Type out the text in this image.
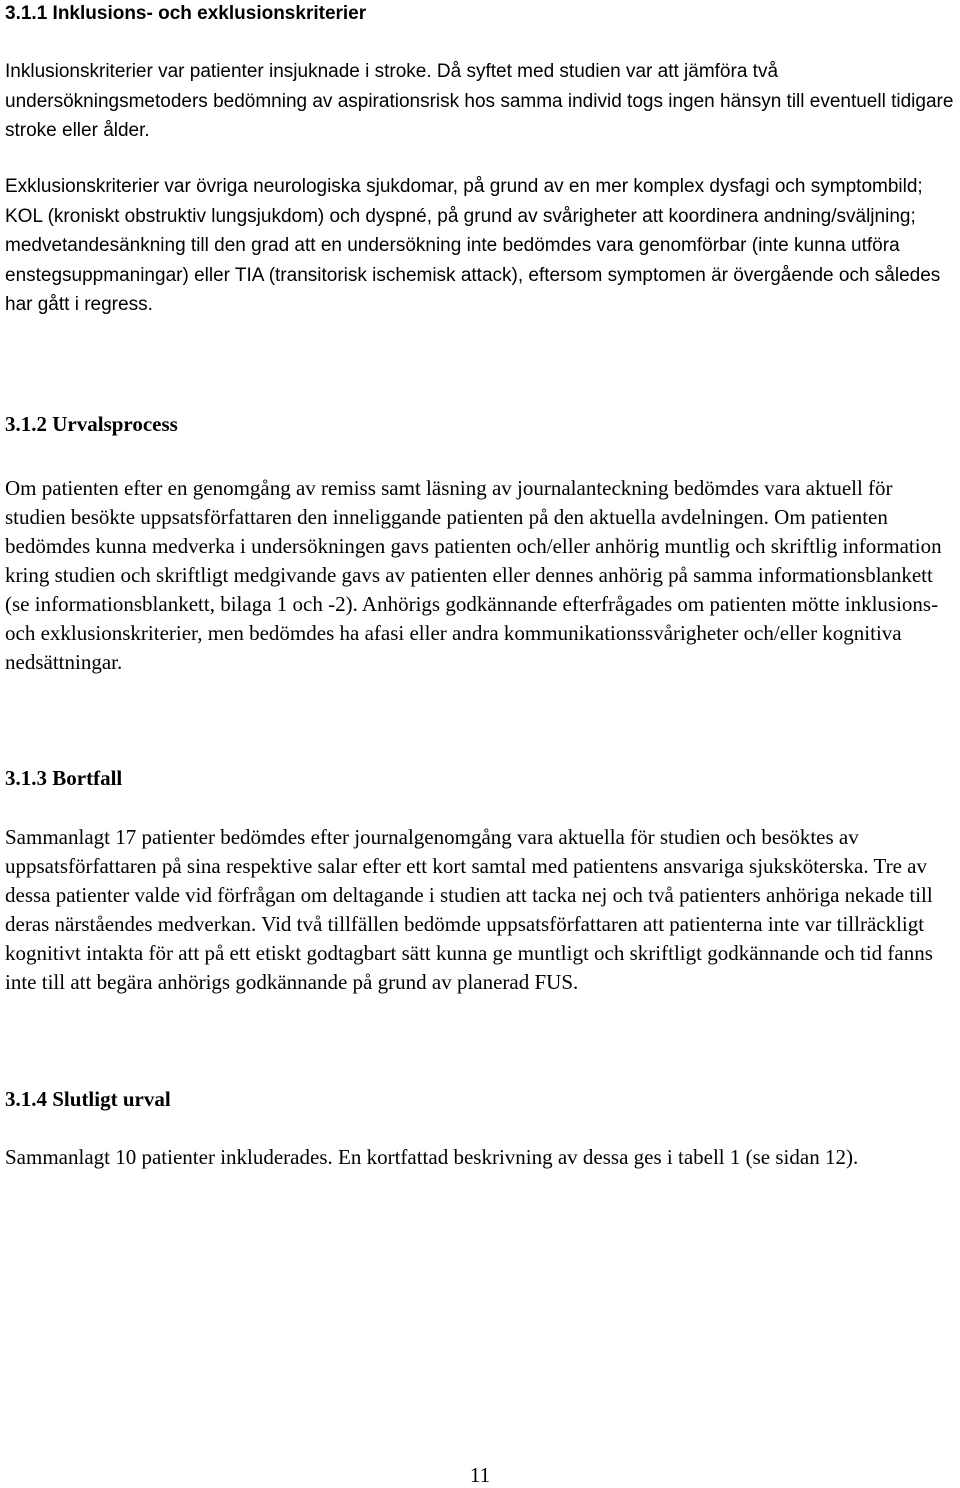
3.1.1 Inklusions- och exklusionskriterier

Inklusionskriterier var patienter insjuknade i stroke. Då syftet med studien var att jämföra två undersökningsmetoders bedömning av aspirationsrisk hos samma individ togs ingen hänsyn till eventuell tidigare stroke eller ålder.

Exklusionskriterier var övriga neurologiska sjukdomar, på grund av en mer komplex dysfagi och symptombild; KOL (kroniskt obstruktiv lungsjukdom) och dyspné, på grund av svårigheter att koordinera andning/sväljning; medvetandesänkning till den grad att en undersökning inte bedömdes vara genomförbar (inte kunna utföra enstegsuppmaningar) eller TIA (transitorisk ischemisk attack), eftersom symptomen är övergående och således har gått i regress.

3.1.2 Urvalsprocess

Om patienten efter en genomgång av remiss samt läsning av journalanteckning bedömdes vara aktuell för studien besökte uppsatsförfattaren den inneliggande patienten på den aktuella avdelningen. Om patienten bedömdes kunna medverka i undersökningen gavs patienten och/eller anhörig muntlig och skriftlig information kring studien och skriftligt medgivande gavs av patienten eller dennes anhörig på samma informationsblankett (se informationsblankett, bilaga 1 och -2). Anhörigs godkännande efterfrågades om patienten mötte inklusions- och exklusionskriterier, men bedömdes ha afasi eller andra kommunikationssvårigheter och/eller kognitiva nedsättningar.

3.1.3 Bortfall

Sammanlagt 17 patienter bedömdes efter journalgenomgång vara aktuella för studien och besöktes av uppsatsförfattaren på sina respektive salar efter ett kort samtal med patientens ansvariga sjuksköterska. Tre av dessa patienter valde vid förfrågan om deltagande i studien att tacka nej och två patienters anhöriga nekade till deras närståendes medverkan. Vid två tillfällen bedömde uppsatsförfattaren att patienterna inte var tillräckligt kognitivt intakta för att på ett etiskt godtagbart sätt kunna ge muntligt och skriftligt godkännande och tid fanns inte till att begära anhörigs godkännande på grund av planerad FUS.

3.1.4 Slutligt urval

Sammanlagt 10 patienter inkluderades. En kortfattad beskrivning av dessa ges i tabell 1 (se sidan 12).

11
